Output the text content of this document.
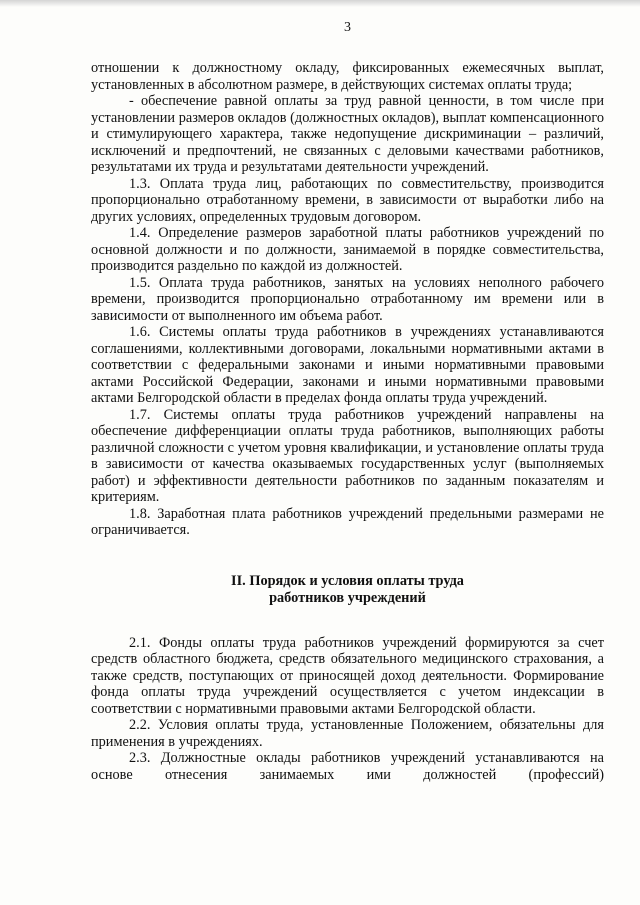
3

отношении к должностному окладу, фиксированных ежемесячных выплат, установленных в абсолютном размере, в действующих системах оплаты труда;

- обеспечение равной оплаты за труд равной ценности, в том числе при установлении размеров окладов (должностных окладов), выплат компенсационного и стимулирующего характера, также недопущение дискриминации – различий, исключений и предпочтений, не связанных с деловыми качествами работников, результатами их труда и результатами деятельности учреждений.

1.3. Оплата труда лиц, работающих по совместительству, производится пропорционально отработанному времени, в зависимости от выработки либо на других условиях, определенных трудовым договором.

1.4. Определение размеров заработной платы работников учреждений по основной должности и по должности, занимаемой в порядке совместительства, производится раздельно по каждой из должностей.

1.5. Оплата труда работников, занятых на условиях неполного рабочего времени, производится пропорционально отработанному им времени или в зависимости от выполненного им объема работ.

1.6. Системы оплаты труда работников в учреждениях устанавливаются соглашениями, коллективными договорами, локальными нормативными актами в соответствии с федеральными законами и иными нормативными правовыми актами Российской Федерации, законами и иными нормативными правовыми актами Белгородской области в пределах фонда оплаты труда учреждений.

1.7. Системы оплаты труда работников учреждений направлены на обеспечение дифференциации оплаты труда работников, выполняющих работы различной сложности с учетом уровня квалификации, и установление оплаты труда в зависимости от качества оказываемых государственных услуг (выполняемых работ) и эффективности деятельности работников по заданным показателям и критериям.

1.8. Заработная плата работников учреждений предельными размерами не ограничивается.

II. Порядок и условия оплаты труда
работников учреждений

2.1. Фонды оплаты труда работников учреждений формируются за счет средств областного бюджета, средств обязательного медицинского страхования, а также средств, поступающих от приносящей доход деятельности. Формирование фонда оплаты труда учреждений осуществляется с учетом индексации в соответствии с нормативными правовыми актами Белгородской области.

2.2. Условия оплаты труда, установленные Положением, обязательны для применения в учреждениях.

2.3. Должностные оклады работников учреждений устанавливаются на основе отнесения занимаемых ими должностей (профессий)
